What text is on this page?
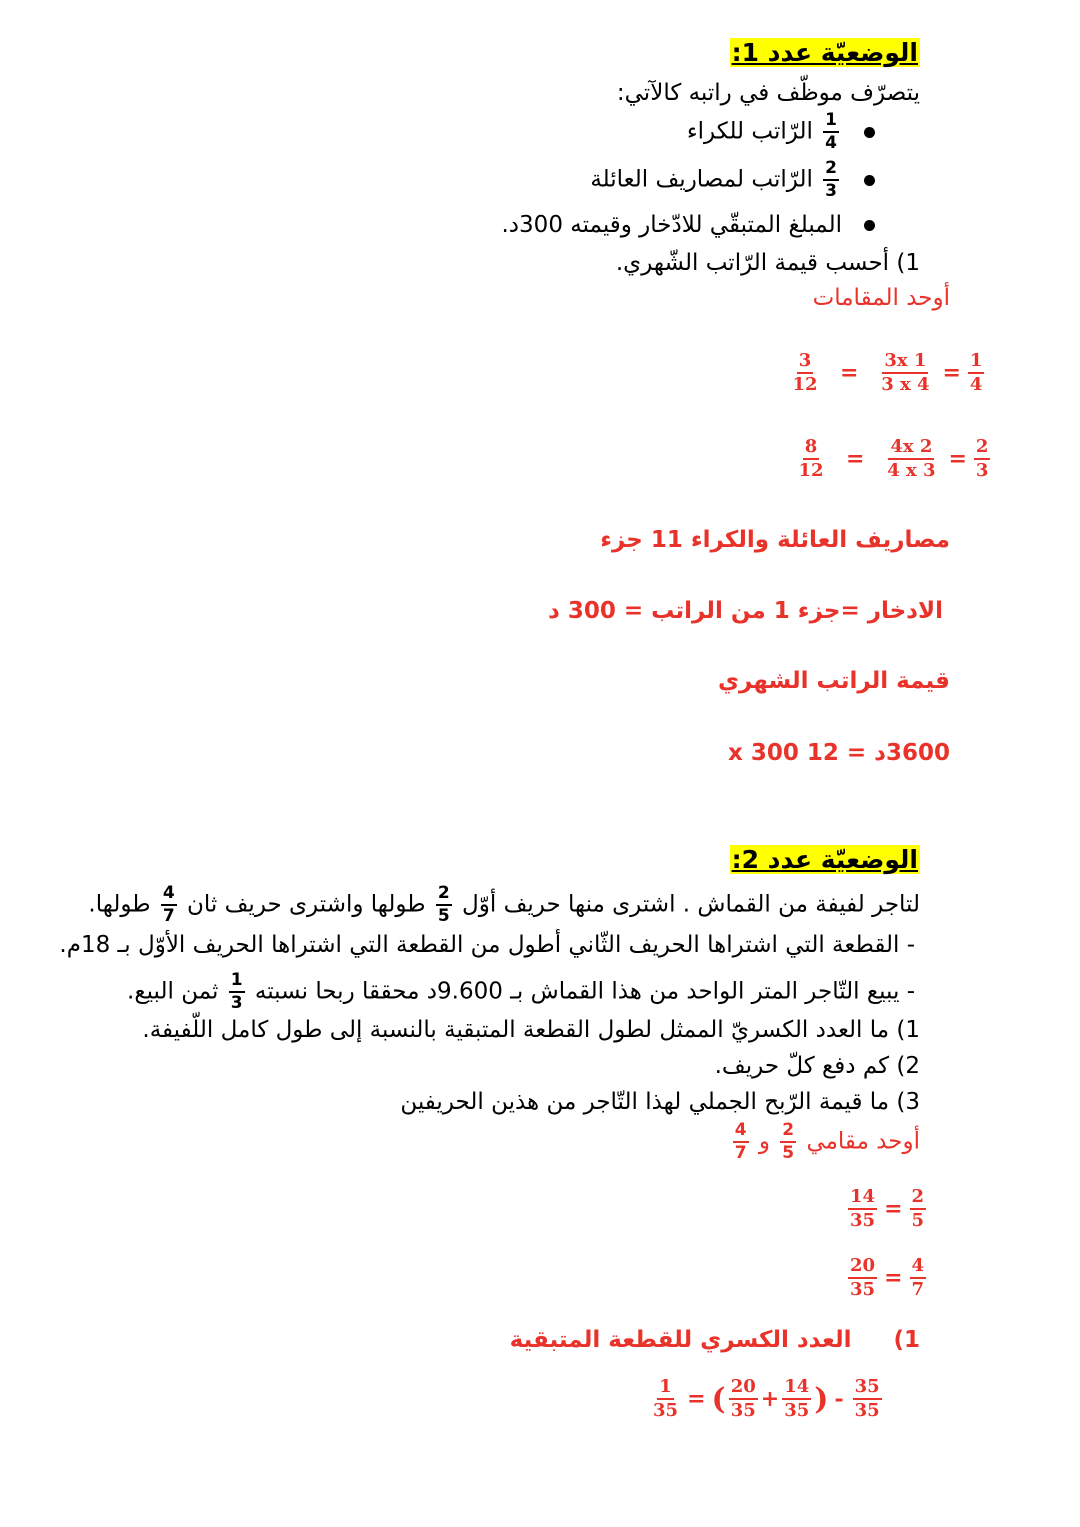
الوضعيّة عدد 1:
يتصرّف موظّف في راتبه كالآتي:
$\frac{1}{4}$
الرّاتب للكراء
$\frac{2}{3}$
الرّاتب لمصاريف العائلة
المبلغ المتبقّي للادّخار وقيمته 300د.
1) أحسب قيمة الرّاتب الشّهري.
أوحد المقامات
$\frac{3}{12} = \frac{3x 1}{3 x 4} = \frac{1}{4}$
$\frac{8}{12} = \frac{4x 2}{4 x 3} = \frac{2}{3}$
مصاريف العائلة والكراء 11 جزء
الادخار =جزء 1 من الراتب = 300 د
قيمة الراتب الشهري
3600د = 12 x 300
الوضعيّة عدد 2:
لتاجر لفيفة من القماش . اشترى منها حريف أوّل
$\frac{2}{5}$
طولها واشترى حريف ثان
$\frac{4}{7}$
طولها.
- القطعة التي اشتراها الحريف الثّاني أطول من القطعة التي اشتراها الحريف الأوّل بـ 18م.
- يبيع التّاجر المتر الواحد من هذا القماش بـ 9.600د محققا ربحا نسبته
$\frac{1}{3}$
ثمن البيع.
1) ما العدد الكسريّ الممثل لطول القطعة المتبقية بالنسبة إلى طول كامل اللّفيفة.
2) كم دفع كلّ حريف.
3) ما قيمة الرّبح الجملي لهذا التّاجر من هذين الحريفين
أوحد مقامي
$\frac{2}{5}$
و
$\frac{4}{7}$
$\frac{14}{35} = \frac{2}{5}$
$\frac{20}{35} = \frac{4}{7}$
1)العدد الكسري للقطعة المتبقية
$\frac{1}{35}$ = ( $\frac{20}{35} + \frac{14}{35}$ ) - $\frac{35}{35}$
